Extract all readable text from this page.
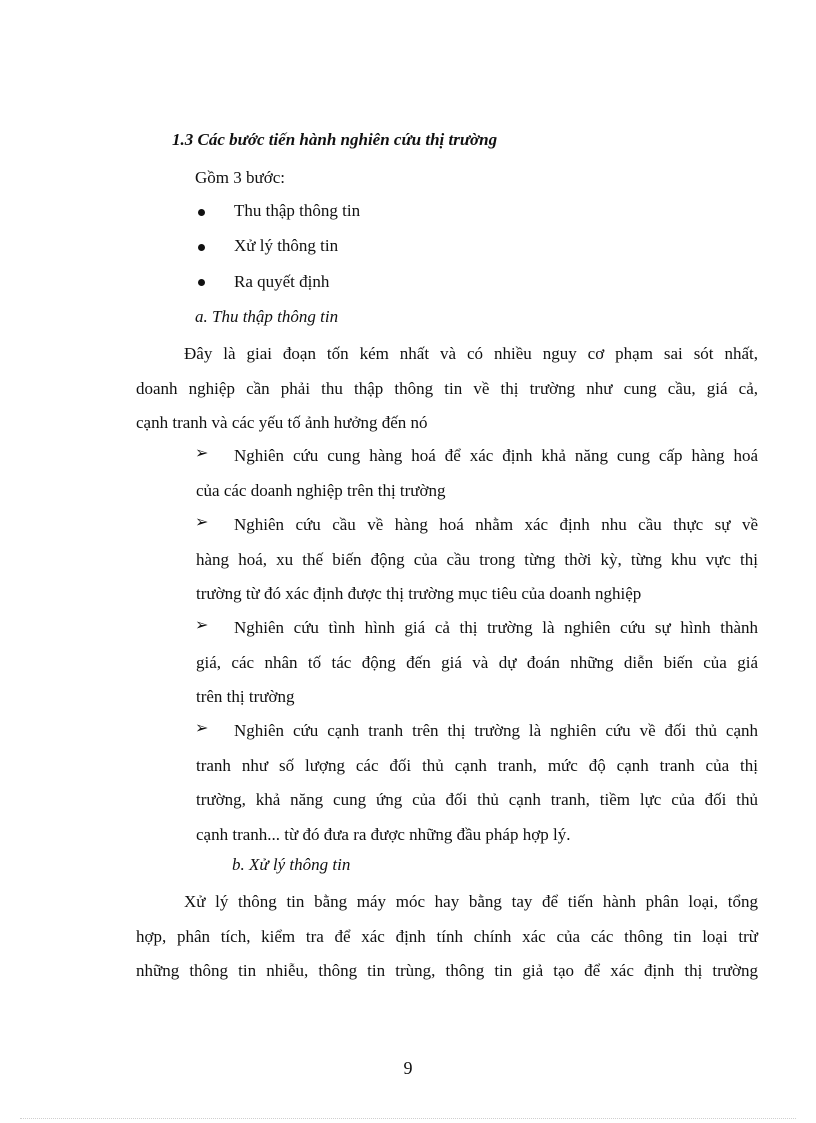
1.3 Các bước tiến hành nghiên cứu thị trường
Gồm 3 bước:
Thu thập thông tin
Xử lý thông tin
Ra quyết định
a. Thu thập thông tin
Đây là giai đoạn tốn kém nhất và có nhiều nguy cơ phạm sai sót nhất,
doanh nghiệp cần phải thu thập thông tin về thị trường như cung cầu, giá cả,
cạnh tranh và các yếu tố ảnh hưởng đến nó
➢	Nghiên cứu cung hàng hoá để xác định khả năng cung cấp hàng hoá
của các doanh nghiệp trên thị trường
➢	Nghiên cứu cầu về hàng hoá nhằm xác định nhu cầu thực sự về
hàng hoá, xu thế biến động của cầu trong từng thời kỳ, từng khu vực thị
trường từ đó xác định được thị trường mục tiêu của doanh nghiệp
➢	Nghiên cứu tình hình giá cả thị trường là nghiên cứu sự hình thành
giá, các nhân tố tác động đến giá và dự đoán những diễn biến của giá
trên thị trường
➢	Nghiên cứu cạnh tranh trên thị trường là nghiên cứu về đối thủ cạnh
tranh như số lượng các đối thủ cạnh tranh, mức độ cạnh tranh của thị
trường, khả năng cung ứng của đối thủ cạnh tranh, tiềm lực của đối thủ
cạnh tranh... từ đó đưa ra được những đầu pháp hợp lý.
b. Xử lý thông tin
Xử lý thông tin bằng máy móc hay bằng tay để tiến hành phân loại, tổng
hợp, phân tích, kiểm tra để xác định tính chính xác của các thông tin loại trừ
những thông tin nhiễu, thông tin trùng, thông tin giả tạo để xác định thị trường
9
